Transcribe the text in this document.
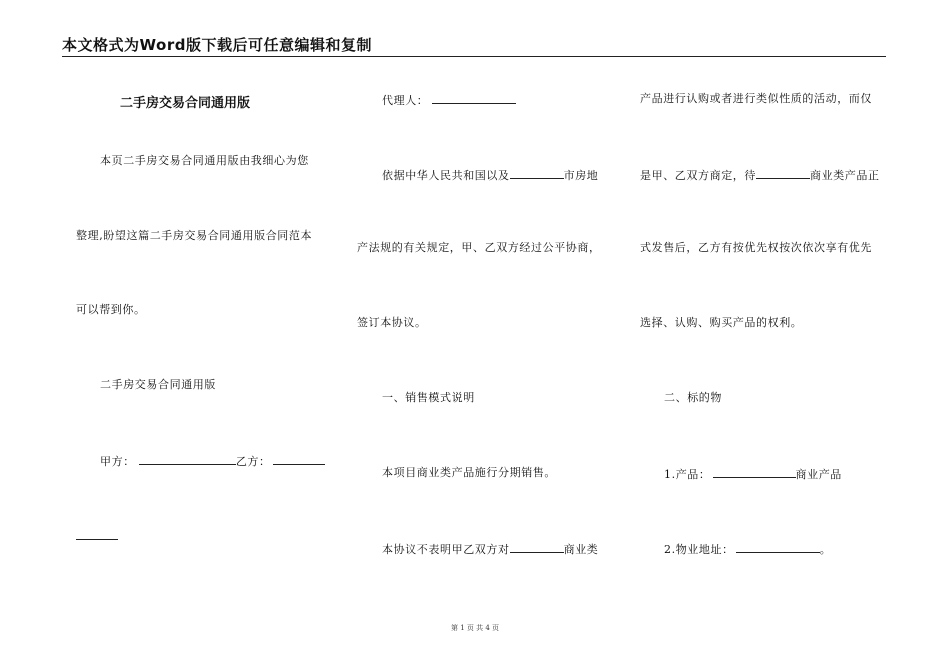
本文格式为Word版下载后可任意编辑和复制
二手房交易合同通用版
本页二手房交易合同通用版由我细心为您
整理,盼望这篇二手房交易合同通用版合同范本
可以帮到你。
二手房交易合同通用版
甲方：	乙方：
代理人：
依据中华人民共和国以及	市房地
产法规的有关规定，甲、乙双方经过公平协商，
签订本协议。
一、销售模式说明
本项目商业类产品施行分期销售。
本协议不表明甲乙双方对	商业类
产品进行认购或者进行类似性质的活动，而仅
是甲、乙双方商定，待	商业类产品正
式发售后，乙方有按优先权按次依次享有优先
选择、认购、购买产品的权利。
二、标的物
1.产品：	商业产品
2.物业地址：	。
第 1 页 共 4 页
